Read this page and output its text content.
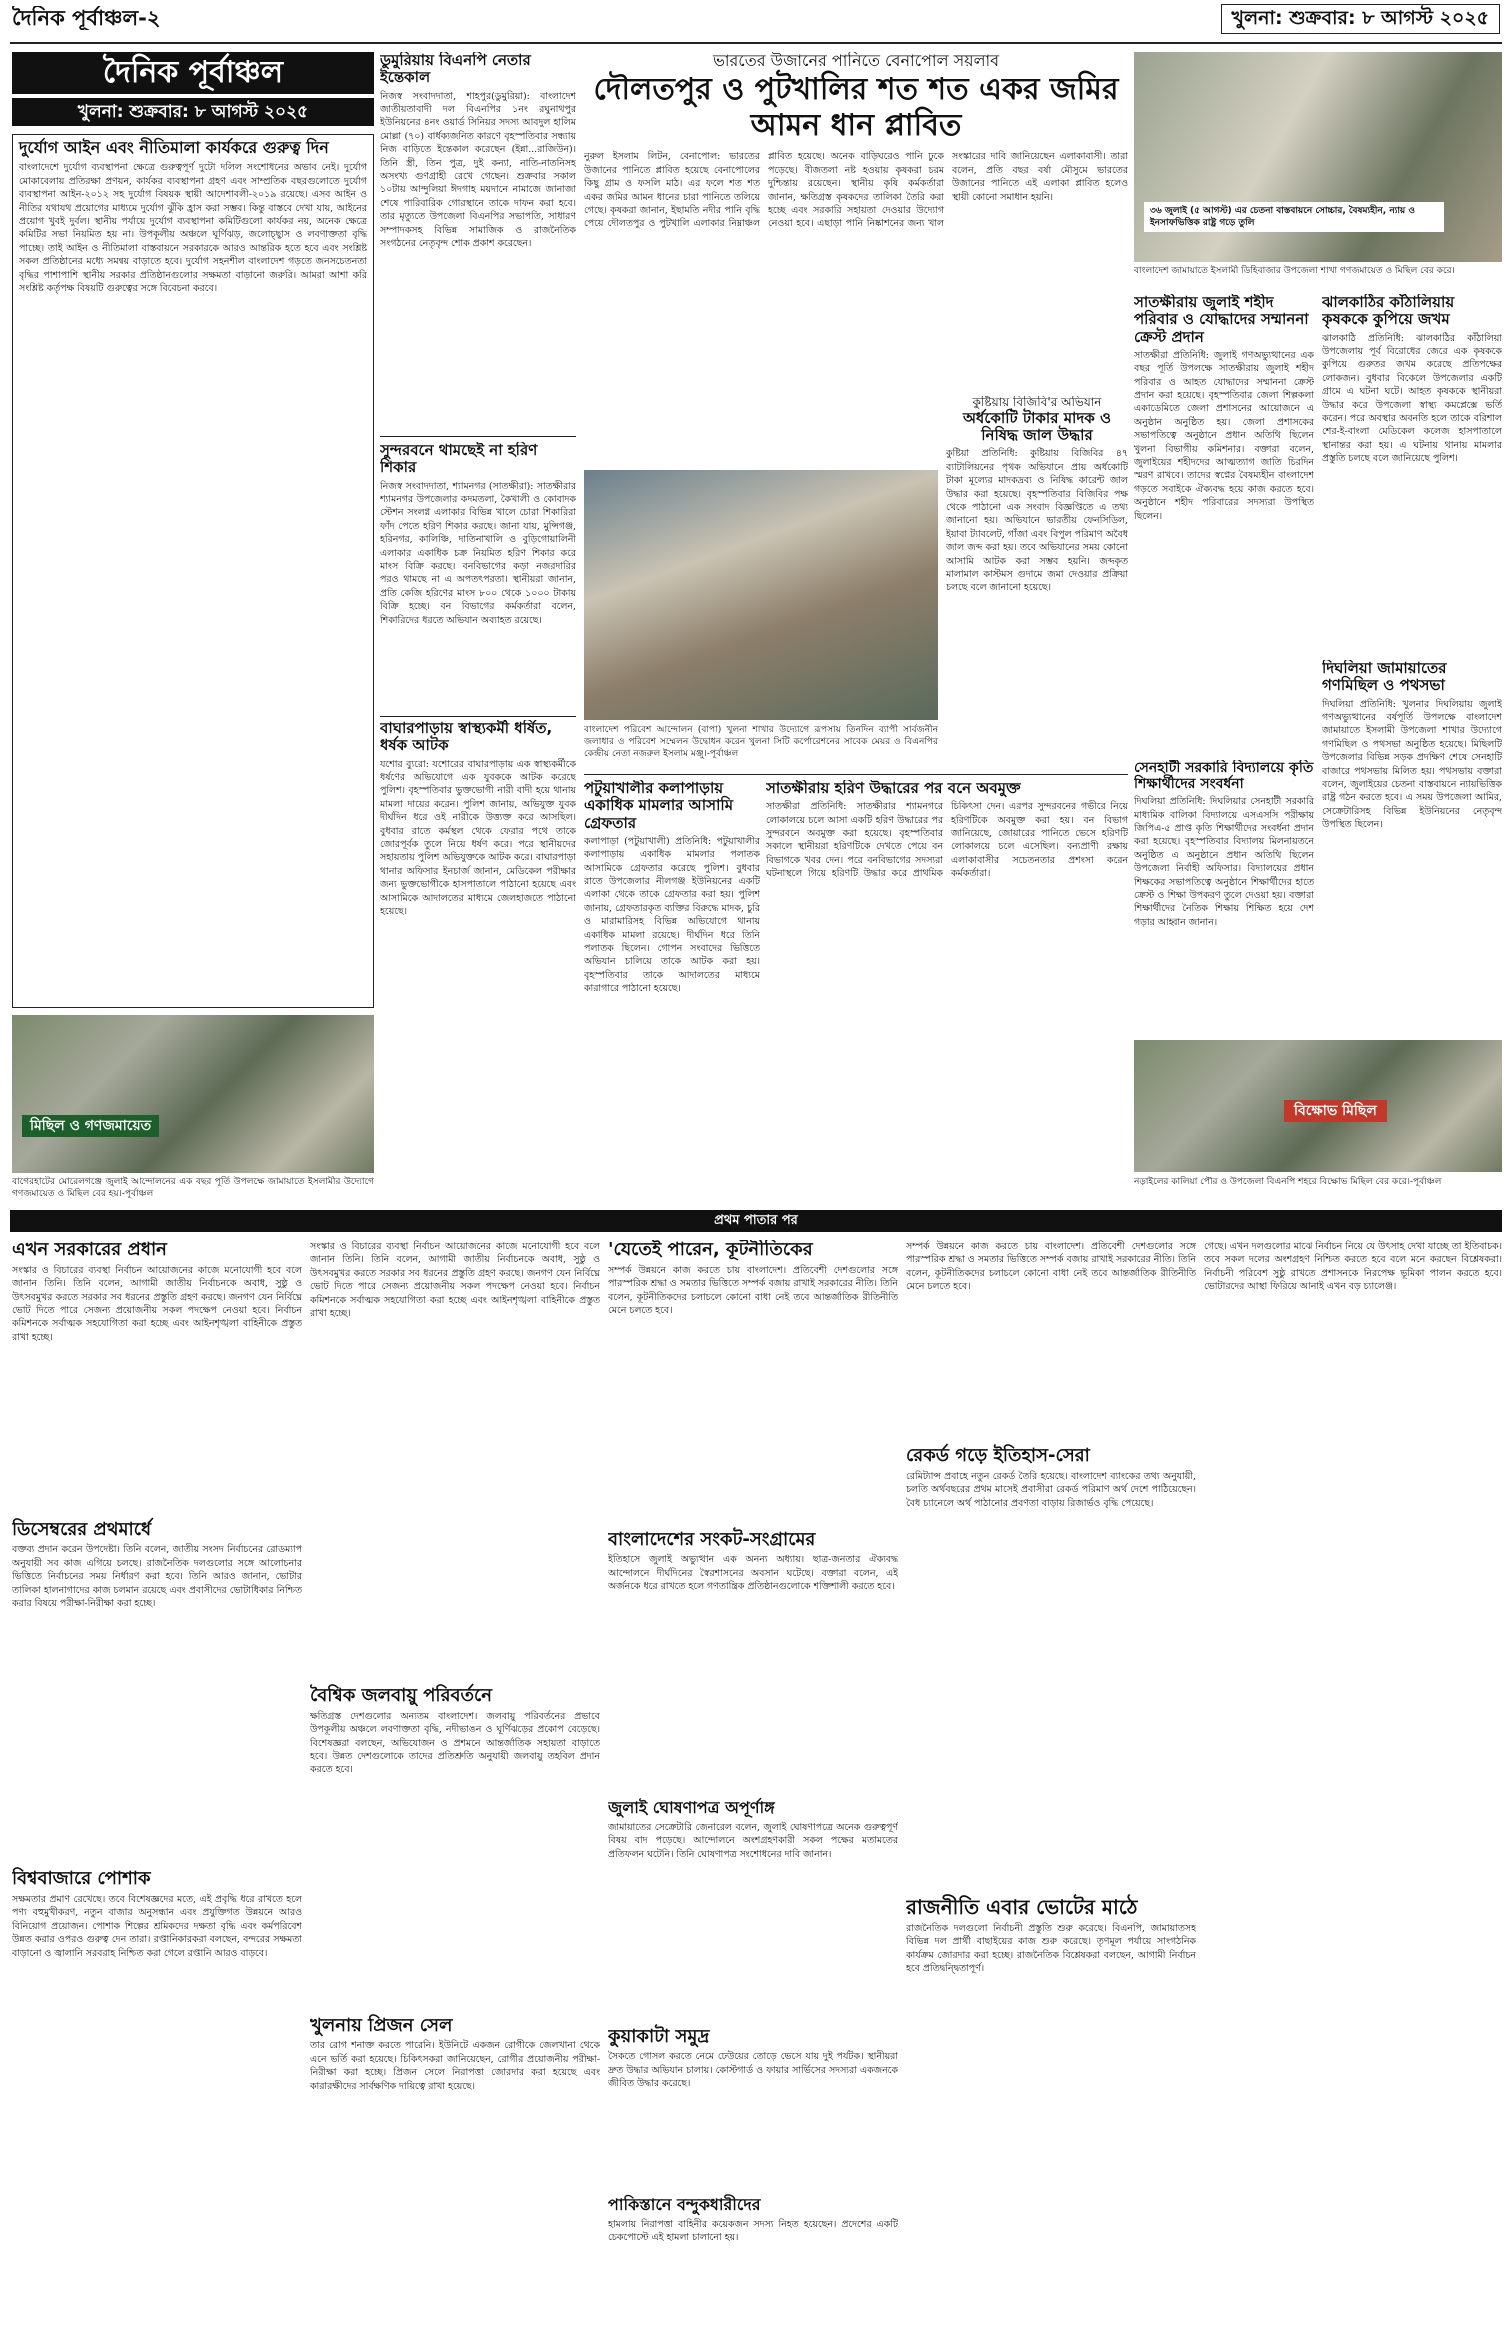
দৈনিক পূর্বাঞ্চল-২	খুলনা: শুক্রবার: ৮ আগস্ট ২০২৫
দৈনিক পূর্বাঞ্চল
খুলনা: শুক্রবার: ৮ আগস্ট ২০২৫
দুর্যোগ আইন এবং নীতিমালা কার্যকরে গুরুত্ব দিন
বাংলাদেশে দুর্যোগ ব্যবস্থাপনা ক্ষেত্রে গুরুত্বপূর্ণ দুটো দলিল সংশোধনের অভাব নেই। দুর্যোগ মোকাবেলায় প্রতিরক্ষা প্রণয়ন, কার্যকর ব্যবস্থাপনা গ্রহণ এবং সাম্প্রতিক বছরগুলোতে দুর্যোগ ব্যবস্থাপনা আইন-২০১২ সহ দুর্যোগ বিষয়ক স্থায়ী আদেশাবলী-২০১৯ রয়েছে। এসব আইন ও নীতির যথাযথ প্রয়োগের মাধ্যমে দুর্যোগ ঝুঁকি হ্রাস করা সম্ভব। কিন্তু বাস্তবে দেখা যায়, আইনের প্রয়োগ খুবই দুর্বল। স্থানীয় পর্যায়ে দুর্যোগ ব্যবস্থাপনা কমিটিগুলো কার্যকর নয়, অনেক ক্ষেত্রে কমিটির সভা নিয়মিত হয় না। উপকূলীয় অঞ্চলে ঘূর্ণিঝড়, জলোচ্ছ্বাস ও লবণাক্ততা বৃদ্ধি পাচ্ছে। তাই আইন ও নীতিমালা বাস্তবায়নে সরকারকে আরও আন্তরিক হতে হবে এবং সংশ্লিষ্ট সকল প্রতিষ্ঠানের মধ্যে সমন্বয় বাড়াতে হবে। দুর্যোগ সহনশীল বাংলাদেশ গড়তে জনসচেতনতা বৃদ্ধির পাশাপাশি স্থানীয় সরকার প্রতিষ্ঠানগুলোর সক্ষমতা বাড়ানো জরুরি। আমরা আশা করি সংশ্লিষ্ট কর্তৃপক্ষ বিষয়টি গুরুত্বের সঙ্গে বিবেচনা করবে।
মিছিল ও গণজমায়েত
বাগেরহাটের মোরেলগঞ্জে জুলাই আন্দোলনের এক বছর পূর্তি উপলক্ষে জামায়াতে ইসলামীর উদ্যোগে গণজমায়েত ও মিছিল বের হয়।-পূর্বাঞ্চল
ডুমুরিয়ায় বিএনপি নেতার ইন্তেকাল
নিজস্ব সংবাদদাতা, শাহপুর(ডুমুরিয়া): বাংলাদেশ জাতীয়তাবাদী দল বিএনপির ১নং রঘুনাথপুর ইউনিয়নের ৪নং ওয়ার্ড সিনিয়র সদস্য আবদুল হালিম মোল্লা (৭০) বার্ধক্যজনিত কারণে বৃহস্পতিবার সন্ধ্যায় নিজ বাড়িতে ইন্তেকাল করেছেন (ইন্না...রাজিউন)। তিনি স্ত্রী, তিন পুত্র, দুই কন্যা, নাতি-নাতনিসহ অসংখ্য গুণগ্রাহী রেখে গেছেন। শুক্রবার সকাল ১০টায় আন্দুলিয়া ঈদগাহ ময়দানে নামাজে জানাজা শেষে পারিবারিক গোরস্থানে তাকে দাফন করা হবে। তার মৃত্যুতে উপজেলা বিএনপির সভাপতি, সাধারণ সম্পাদকসহ বিভিন্ন সামাজিক ও রাজনৈতিক সংগঠনের নেতৃবৃন্দ শোক প্রকাশ করেছেন।
সুন্দরবনে থামছেই না হরিণ শিকার
নিজস্ব সংবাদদাতা, শ্যামনগর (সাতক্ষীরা): সাতক্ষীরার শ্যামনগর উপজেলার কদমতলা, কৈখালী ও কোবাদক স্টেশন সংলগ্ন এলাকার বিভিন্ন খালে চোরা শিকারিরা ফাঁদ পেতে হরিণ শিকার করছে। জানা যায়, মুন্সিগঞ্জ, হরিনগর, কালিঞ্চি, দাতিনাখালি ও বুড়িগোয়ালিনী এলাকার একাধিক চক্র নিয়মিত হরিণ শিকার করে মাংস বিক্রি করছে। বনবিভাগের কড়া নজরদারির পরও থামছে না এ অপতৎপরতা। স্থানীয়রা জানান, প্রতি কেজি হরিণের মাংস ৮০০ থেকে ১০০০ টাকায় বিক্রি হচ্ছে। বন বিভাগের কর্মকর্তারা বলেন, শিকারিদের ধরতে অভিযান অব্যাহত রয়েছে।
বাঘারপাড়ায় স্বাস্থ্যকর্মী ধর্ষিত, ধর্ষক আটক
যশোর ব্যুরো: যশোরের বাঘারপাড়ায় এক স্বাস্থ্যকর্মীকে ধর্ষণের অভিযোগে এক যুবককে আটক করেছে পুলিশ। বৃহস্পতিবার ভুক্তভোগী নারী বাদী হয়ে থানায় মামলা দায়ের করেন। পুলিশ জানায়, অভিযুক্ত যুবক দীর্ঘদিন ধরে ওই নারীকে উত্ত্যক্ত করে আসছিল। বুধবার রাতে কর্মস্থল থেকে ফেরার পথে তাকে জোরপূর্বক তুলে নিয়ে ধর্ষণ করে। পরে স্থানীয়দের সহায়তায় পুলিশ অভিযুক্তকে আটক করে। বাঘারপাড়া থানার অফিসার ইনচার্জ জানান, মেডিকেল পরীক্ষার জন্য ভুক্তভোগীকে হাসপাতালে পাঠানো হয়েছে এবং আসামিকে আদালতের মাধ্যমে জেলহাজতে পাঠানো হয়েছে।
ভারতের উজানের পানিতে বেনাপোল সয়লাব
দৌলতপুর ও পুটখালির শত শত একর জমির আমন ধান প্লাবিত
নুরুল ইসলাম লিটন, বেনাপোল: ভারতের উজানের পানিতে প্লাবিত হয়েছে বেনাপোলের কিছু গ্রাম ও ফসলি মাঠ। এর ফলে শত শত একর জমির আমন ধানের চারা পানিতে তলিয়ে গেছে। কৃষকরা জানান, ইছামতি নদীর পানি বৃদ্ধি পেয়ে দৌলতপুর ও পুটখালি এলাকার নিম্নাঞ্চল প্লাবিত হয়েছে। অনেক বাড়িঘরেও পানি ঢুকে পড়েছে। বীজতলা নষ্ট হওয়ায় কৃষকরা চরম দুশ্চিন্তায় রয়েছেন। স্থানীয় কৃষি কর্মকর্তারা জানান, ক্ষতিগ্রস্ত কৃষকদের তালিকা তৈরি করা হচ্ছে এবং সরকারি সহায়তা দেওয়ার উদ্যোগ নেওয়া হবে। এছাড়া পানি নিষ্কাশনের জন্য খাল সংস্কারের দাবি জানিয়েছেন এলাকাবাসী। তারা বলেন, প্রতি বছর বর্ষা মৌসুমে ভারতের উজানের পানিতে এই এলাকা প্লাবিত হলেও স্থায়ী কোনো সমাধান হয়নি।
বাংলাদেশ পরিবেশ আন্দোলন (বাপা) খুলনা শাখার উদ্যোগে রূপসায় তিনদিন ব্যাপী সার্বজনীন জলাধার ও পরিবেশ সম্মেলন উদ্বোধন করেন খুলনা সিটি কর্পোরেশনের সাবেক মেয়র ও বিএনপির কেন্দ্রীয় নেতা নজরুল ইসলাম মঞ্জু।-পূর্বাঞ্চল
কুষ্টিয়ায় বিজিবি'র অভিযান
অর্ধকোটি টাকার মাদক ও নিষিদ্ধ জাল উদ্ধার
কুষ্টিয়া প্রতিনিধি: কুষ্টিয়ায় বিজিবির ৪৭ ব্যাটালিয়নের পৃথক অভিযানে প্রায় অর্ধকোটি টাকা মূল্যের মাদকদ্রব্য ও নিষিদ্ধ কারেন্ট জাল উদ্ধার করা হয়েছে। বৃহস্পতিবার বিজিবির পক্ষ থেকে পাঠানো এক সংবাদ বিজ্ঞপ্তিতে এ তথ্য জানানো হয়। অভিযানে ভারতীয় ফেনসিডিল, ইয়াবা ট্যাবলেট, গাঁজা এবং বিপুল পরিমাণ অবৈধ জাল জব্দ করা হয়। তবে অভিযানের সময় কোনো আসামি আটক করা সম্ভব হয়নি। জব্দকৃত মালামাল কাস্টমস গুদামে জমা দেওয়ার প্রক্রিয়া চলছে বলে জানানো হয়েছে।
পটুয়াখালীর কলাপাড়ায় একাধিক মামলার আসামি গ্রেফতার
কলাপাড়া (পটুয়াখালী) প্রতিনিধি: পটুয়াখালীর কলাপাড়ায় একাধিক মামলার পলাতক আসামিকে গ্রেফতার করেছে পুলিশ। বুধবার রাতে উপজেলার নীলগঞ্জ ইউনিয়নের একটি এলাকা থেকে তাকে গ্রেফতার করা হয়। পুলিশ জানায়, গ্রেফতারকৃত ব্যক্তির বিরুদ্ধে মাদক, চুরি ও মারামারিসহ বিভিন্ন অভিযোগে থানায় একাধিক মামলা রয়েছে। দীর্ঘদিন ধরে তিনি পলাতক ছিলেন। গোপন সংবাদের ভিত্তিতে অভিযান চালিয়ে তাকে আটক করা হয়। বৃহস্পতিবার তাকে আদালতের মাধ্যমে কারাগারে পাঠানো হয়েছে।
সাতক্ষীরায় হরিণ উদ্ধারের পর বনে অবমুক্ত
সাতক্ষীরা প্রতিনিধি: সাতক্ষীরার শ্যামনগরে লোকালয়ে চলে আসা একটি হরিণ উদ্ধারের পর সুন্দরবনে অবমুক্ত করা হয়েছে। বৃহস্পতিবার সকালে স্থানীয়রা হরিণটিকে দেখতে পেয়ে বন বিভাগকে খবর দেন। পরে বনবিভাগের সদস্যরা ঘটনাস্থলে গিয়ে হরিণটি উদ্ধার করে প্রাথমিক চিকিৎসা দেন। এরপর সুন্দরবনের গভীরে নিয়ে হরিণটিকে অবমুক্ত করা হয়। বন বিভাগ জানিয়েছে, জোয়ারের পানিতে ভেসে হরিণটি লোকালয়ে চলে এসেছিল। বন্যপ্রাণী রক্ষায় এলাকাবাসীর সচেতনতার প্রশংসা করেন কর্মকর্তারা।
৩৬ জুলাই (৫ আগস্ট) এর চেতনা বাস্তবায়নে সোচ্চার, বৈষম্যহীন, ন্যায় ও ইনসাফভিত্তিক রাষ্ট্র গড়ে তুলি
বাংলাদেশ জামায়াতে ইসলামী ডিহিবাজার উপজেলা শাখা গণজমায়েত ও মিছিল বের করে।
সাতক্ষীরায় জুলাই শহীদ পরিবার ও যোদ্ধাদের সম্মাননা ক্রেস্ট প্রদান
সাতক্ষীরা প্রতিনিধি: জুলাই গণঅভ্যুত্থানের এক বছর পূর্তি উপলক্ষে সাতক্ষীরায় জুলাই শহীদ পরিবার ও আহত যোদ্ধাদের সম্মাননা ক্রেস্ট প্রদান করা হয়েছে। বৃহস্পতিবার জেলা শিল্পকলা একাডেমিতে জেলা প্রশাসনের আয়োজনে এ অনুষ্ঠান অনুষ্ঠিত হয়। জেলা প্রশাসকের সভাপতিত্বে অনুষ্ঠানে প্রধান অতিথি ছিলেন খুলনা বিভাগীয় কমিশনার। বক্তারা বলেন, জুলাইয়ের শহীদদের আত্মত্যাগ জাতি চিরদিন স্মরণ রাখবে। তাদের স্বপ্নের বৈষম্যহীন বাংলাদেশ গড়তে সবাইকে ঐক্যবদ্ধ হয়ে কাজ করতে হবে। অনুষ্ঠানে শহীদ পরিবারের সদস্যরা উপস্থিত ছিলেন।
ঝালকাঠির কাঁঠালিয়ায় কৃষককে কুপিয়ে জখম
ঝালকাঠি প্রতিনিধি: ঝালকাঠির কাঁঠালিয়া উপজেলায় পূর্ব বিরোধের জেরে এক কৃষককে কুপিয়ে গুরুতর জখম করেছে প্রতিপক্ষের লোকজন। বুধবার বিকেলে উপজেলার একটি গ্রামে এ ঘটনা ঘটে। আহত কৃষককে স্থানীয়রা উদ্ধার করে উপজেলা স্বাস্থ্য কমপ্লেক্সে ভর্তি করেন। পরে অবস্থার অবনতি হলে তাকে বরিশাল শের-ই-বাংলা মেডিকেল কলেজ হাসপাতালে স্থানান্তর করা হয়। এ ঘটনায় থানায় মামলার প্রস্তুতি চলছে বলে জানিয়েছে পুলিশ।
দিঘলিয়া জামায়াতের গণমিছিল ও পথসভা
দিঘলিয়া প্রতিনিধি: খুলনার দিঘলিয়ায় জুলাই গণঅভ্যুত্থানের বর্ষপূর্তি উপলক্ষে বাংলাদেশ জামায়াতে ইসলামী উপজেলা শাখার উদ্যোগে গণমিছিল ও পথসভা অনুষ্ঠিত হয়েছে। মিছিলটি উপজেলার বিভিন্ন সড়ক প্রদক্ষিণ শেষে সেনহাটি বাজারে পথসভায় মিলিত হয়। পথসভায় বক্তারা বলেন, জুলাইয়ের চেতনা বাস্তবায়নে ন্যায়ভিত্তিক রাষ্ট্র গঠন করতে হবে। এ সময় উপজেলা আমির, সেক্রেটারিসহ বিভিন্ন ইউনিয়নের নেতৃবৃন্দ উপস্থিত ছিলেন।
সেনহাটী সরকারি বিদ্যালয়ে কৃতি শিক্ষার্থীদের সংবর্ধনা
দিঘলিয়া প্রতিনিধি: দিঘলিয়ার সেনহাটী সরকারি মাধ্যমিক বালিকা বিদ্যালয়ে এসএসসি পরীক্ষায় জিপিএ-৫ প্রাপ্ত কৃতি শিক্ষার্থীদের সংবর্ধনা প্রদান করা হয়েছে। বৃহস্পতিবার বিদ্যালয় মিলনায়তনে অনুষ্ঠিত এ অনুষ্ঠানে প্রধান অতিথি ছিলেন উপজেলা নির্বাহী অফিসার। বিদ্যালয়ের প্রধান শিক্ষকের সভাপতিত্বে অনুষ্ঠানে শিক্ষার্থীদের হাতে ক্রেস্ট ও শিক্ষা উপকরণ তুলে দেওয়া হয়। বক্তারা শিক্ষার্থীদের নৈতিক শিক্ষায় শিক্ষিত হয়ে দেশ গড়ার আহ্বান জানান।
বিক্ষোভ মিছিল
নড়াইলের কালিয়া পৌর ও উপজেলা বিএনপি শহরে বিক্ষোভ মিছিল বের করে।-পূর্বাঞ্চল
প্রথম পাতার পর
এখন সরকারের প্রধান
সংস্কার ও বিচারের ব্যবস্থা নির্বাচন আয়োজনের কাজে মনোযোগী হবে বলে জানান তিনি। তিনি বলেন, আগামী জাতীয় নির্বাচনকে অবাধ, সুষ্ঠু ও উৎসবমুখর করতে সরকার সব ধরনের প্রস্তুতি গ্রহণ করছে। জনগণ যেন নির্বিঘ্নে ভোট দিতে পারে সেজন্য প্রয়োজনীয় সকল পদক্ষেপ নেওয়া হবে। নির্বাচন কমিশনকে সর্বাত্মক সহযোগিতা করা হচ্ছে এবং আইনশৃঙ্খলা বাহিনীকে প্রস্তুত রাখা হচ্ছে।
ডিসেম্বরের প্রথমার্ধে
বক্তব্য প্রদান করেন উপদেষ্টা। তিনি বলেন, জাতীয় সংসদ নির্বাচনের রোডম্যাপ অনুযায়ী সব কাজ এগিয়ে চলছে। রাজনৈতিক দলগুলোর সঙ্গে আলোচনার ভিত্তিতে নির্বাচনের সময় নির্ধারণ করা হবে। তিনি আরও জানান, ভোটার তালিকা হালনাগাদের কাজ চলমান রয়েছে এবং প্রবাসীদের ভোটাধিকার নিশ্চিত করার বিষয়ে পরীক্ষা-নিরীক্ষা করা হচ্ছে।
বিশ্ববাজারে পোশাক
সক্ষমতার প্রমাণ রেখেছে। তবে বিশেষজ্ঞদের মতে, এই প্রবৃদ্ধি ধরে রাখতে হলে পণ্য বহুমুখীকরণ, নতুন বাজার অনুসন্ধান এবং প্রযুক্তিগত উন্নয়নে আরও বিনিয়োগ প্রয়োজন। পোশাক শিল্পের শ্রমিকদের দক্ষতা বৃদ্ধি এবং কর্মপরিবেশ উন্নত করার ওপরও গুরুত্ব দেন তারা। রপ্তানিকারকরা বলছেন, বন্দরের সক্ষমতা বাড়ানো ও জ্বালানি সরবরাহ নিশ্চিত করা গেলে রপ্তানি আরও বাড়বে।
সংস্কার ও বিচারের ব্যবস্থা নির্বাচন আয়োজনের কাজে মনোযোগী হবে বলে জানান তিনি। তিনি বলেন, আগামী জাতীয় নির্বাচনকে অবাধ, সুষ্ঠু ও উৎসবমুখর করতে সরকার সব ধরনের প্রস্তুতি গ্রহণ করছে। জনগণ যেন নির্বিঘ্নে ভোট দিতে পারে সেজন্য প্রয়োজনীয় সকল পদক্ষেপ নেওয়া হবে। নির্বাচন কমিশনকে সর্বাত্মক সহযোগিতা করা হচ্ছে এবং আইনশৃঙ্খলা বাহিনীকে প্রস্তুত রাখা হচ্ছে।
বৈশ্বিক জলবায়ু পরিবর্তনে
ক্ষতিগ্রস্ত দেশগুলোর অন্যতম বাংলাদেশ। জলবায়ু পরিবর্তনের প্রভাবে উপকূলীয় অঞ্চলে লবণাক্ততা বৃদ্ধি, নদীভাঙন ও ঘূর্ণিঝড়ের প্রকোপ বেড়েছে। বিশেষজ্ঞরা বলছেন, অভিযোজন ও প্রশমনে আন্তর্জাতিক সহায়তা বাড়াতে হবে। উন্নত দেশগুলোকে তাদের প্রতিশ্রুতি অনুযায়ী জলবায়ু তহবিল প্রদান করতে হবে।
খুলনায় প্রিজন সেল
তার রোগ শনাক্ত করতে পারেনি। ইউনিটে একজন রোগীকে জেলখানা থেকে এনে ভর্তি করা হয়েছে। চিকিৎসকরা জানিয়েছেন, রোগীর প্রয়োজনীয় পরীক্ষা-নিরীক্ষা করা হচ্ছে। প্রিজন সেলে নিরাপত্তা জোরদার করা হয়েছে এবং কারারক্ষীদের সার্বক্ষণিক দায়িত্বে রাখা হয়েছে।
'যেতেই পারেন, কূটনীতিকের
সম্পর্ক উন্নয়নে কাজ করতে চায় বাংলাদেশ। প্রতিবেশী দেশগুলোর সঙ্গে পারস্পরিক শ্রদ্ধা ও সমতার ভিত্তিতে সম্পর্ক বজায় রাখাই সরকারের নীতি। তিনি বলেন, কূটনীতিকদের চলাচলে কোনো বাধা নেই তবে আন্তর্জাতিক রীতিনীতি মেনে চলতে হবে।
বাংলাদেশের সংকট-সংগ্রামের
ইতিহাসে জুলাই অভ্যুত্থান এক অনন্য অধ্যায়। ছাত্র-জনতার ঐক্যবদ্ধ আন্দোলনে দীর্ঘদিনের স্বৈরশাসনের অবসান ঘটেছে। বক্তারা বলেন, এই অর্জনকে ধরে রাখতে হলে গণতান্ত্রিক প্রতিষ্ঠানগুলোকে শক্তিশালী করতে হবে।
জুলাই ঘোষণাপত্র অপূর্ণাঙ্গ
জামায়াতের সেক্রেটারি জেনারেল বলেন, জুলাই ঘোষণাপত্রে অনেক গুরুত্বপূর্ণ বিষয় বাদ পড়েছে। আন্দোলনে অংশগ্রহণকারী সকল পক্ষের মতামতের প্রতিফলন ঘটেনি। তিনি ঘোষণাপত্র সংশোধনের দাবি জানান।
কুয়াকাটা সমুদ্র
সৈকতে গোসল করতে নেমে ঢেউয়ের তোড়ে ভেসে যায় দুই পর্যটক। স্থানীয়রা দ্রুত উদ্ধার অভিযান চালায়। কোস্টগার্ড ও ফায়ার সার্ভিসের সদস্যরা একজনকে জীবিত উদ্ধার করেছে।
পাকিস্তানে বন্দুকধারীদের
হামলায় নিরাপত্তা বাহিনীর কয়েকজন সদস্য নিহত হয়েছেন। প্রদেশের একটি চেকপোস্টে এই হামলা চালানো হয়।
সম্পর্ক উন্নয়নে কাজ করতে চায় বাংলাদেশ। প্রতিবেশী দেশগুলোর সঙ্গে পারস্পরিক শ্রদ্ধা ও সমতার ভিত্তিতে সম্পর্ক বজায় রাখাই সরকারের নীতি। তিনি বলেন, কূটনীতিকদের চলাচলে কোনো বাধা নেই তবে আন্তর্জাতিক রীতিনীতি মেনে চলতে হবে।
রেকর্ড গড়ে ইতিহাস-সেরা
রেমিট্যান্স প্রবাহে নতুন রেকর্ড তৈরি হয়েছে। বাংলাদেশ ব্যাংকের তথ্য অনুযায়ী, চলতি অর্থবছরের প্রথম মাসেই প্রবাসীরা রেকর্ড পরিমাণ অর্থ দেশে পাঠিয়েছেন। বৈধ চ্যানেলে অর্থ পাঠানোর প্রবণতা বাড়ায় রিজার্ভও বৃদ্ধি পেয়েছে।
রাজনীতি এবার ভোটের মাঠে
রাজনৈতিক দলগুলো নির্বাচনী প্রস্তুতি শুরু করেছে। বিএনপি, জামায়াতসহ বিভিন্ন দল প্রার্থী বাছাইয়ের কাজ শুরু করেছে। তৃণমূল পর্যায়ে সাংগঠনিক কার্যক্রম জোরদার করা হচ্ছে। রাজনৈতিক বিশ্লেষকরা বলছেন, আগামী নির্বাচন হবে প্রতিদ্বন্দ্বিতাপূর্ণ।
গেছে। এখন দলগুলোর মাঝে নির্বাচন নিয়ে যে উৎসাহ দেখা যাচ্ছে তা ইতিবাচক। তবে সকল দলের অংশগ্রহণ নিশ্চিত করতে হবে বলে মনে করছেন বিশ্লেষকরা। নির্বাচনী পরিবেশ সুষ্ঠু রাখতে প্রশাসনকে নিরপেক্ষ ভূমিকা পালন করতে হবে। ভোটারদের আস্থা ফিরিয়ে আনাই এখন বড় চ্যালেঞ্জ।
